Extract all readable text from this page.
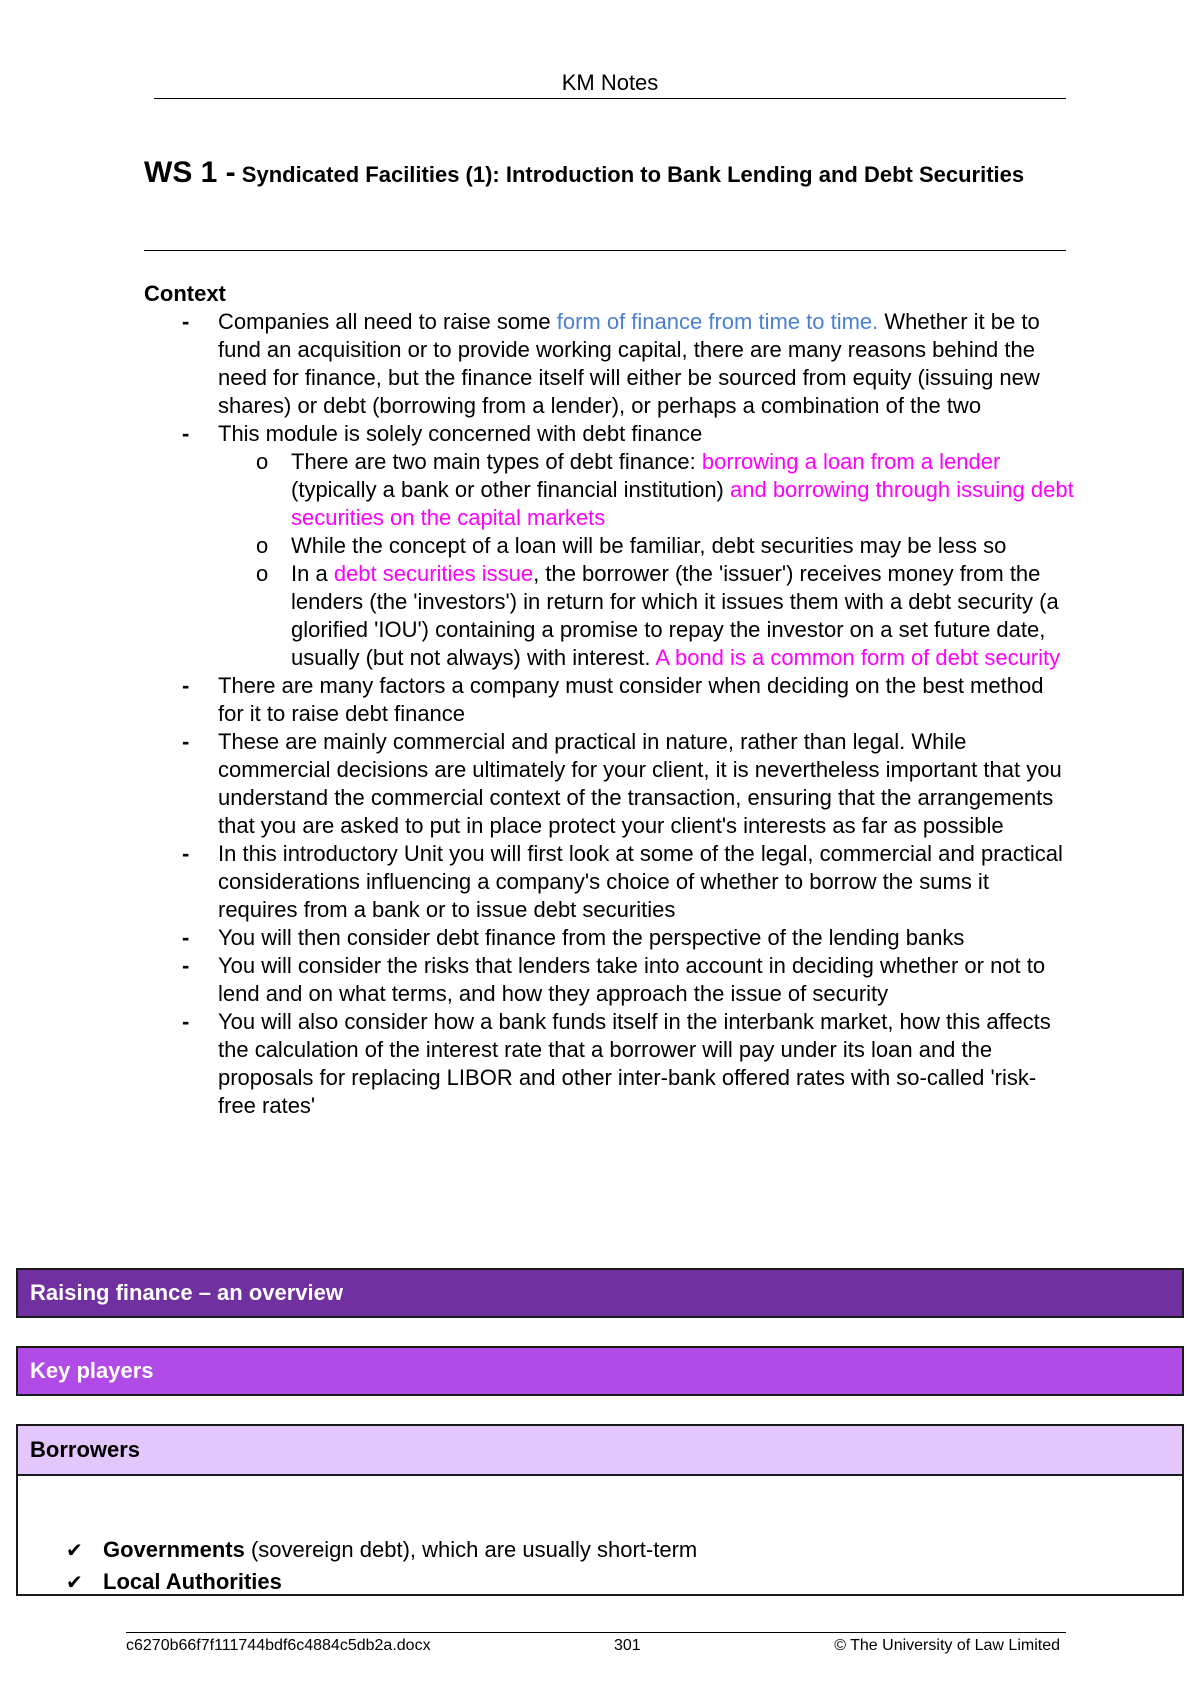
KM Notes

WS 1 - Syndicated Facilities (1): Introduction to Bank Lending and Debt Securities

Context
- Companies all need to raise some form of finance from time to time. Whether it be to fund an acquisition or to provide working capital, there are many reasons behind the need for finance, but the finance itself will either be sourced from equity (issuing new shares) or debt (borrowing from a lender), or perhaps a combination of the two
- This module is solely concerned with debt finance
o There are two main types of debt finance: borrowing a loan from a lender (typically a bank or other financial institution) and borrowing through issuing debt securities on the capital markets
o While the concept of a loan will be familiar, debt securities may be less so
o In a debt securities issue, the borrower (the 'issuer') receives money from the lenders (the 'investors') in return for which it issues them with a debt security (a glorified 'IOU') containing a promise to repay the investor on a set future date, usually (but not always) with interest. A bond is a common form of debt security
- There are many factors a company must consider when deciding on the best method for it to raise debt finance
- These are mainly commercial and practical in nature, rather than legal. While commercial decisions are ultimately for your client, it is nevertheless important that you understand the commercial context of the transaction, ensuring that the arrangements that you are asked to put in place protect your client's interests as far as possible
- In this introductory Unit you will first look at some of the legal, commercial and practical considerations influencing a company's choice of whether to borrow the sums it requires from a bank or to issue debt securities
- You will then consider debt finance from the perspective of the lending banks
- You will consider the risks that lenders take into account in deciding whether or not to lend and on what terms, and how they approach the issue of security
- You will also consider how a bank funds itself in the interbank market, how this affects the calculation of the interest rate that a borrower will pay under its loan and the proposals for replacing LIBOR and other inter-bank offered rates with so-called 'risk-free rates'
Raising finance – an overview
Key players
Borrowers
✔ Governments (sovereign debt), which are usually short-term
✔ Local Authorities
c6270b66f7f111744bdf6c4884c5db2a.docx	301	© The University of Law Limited
